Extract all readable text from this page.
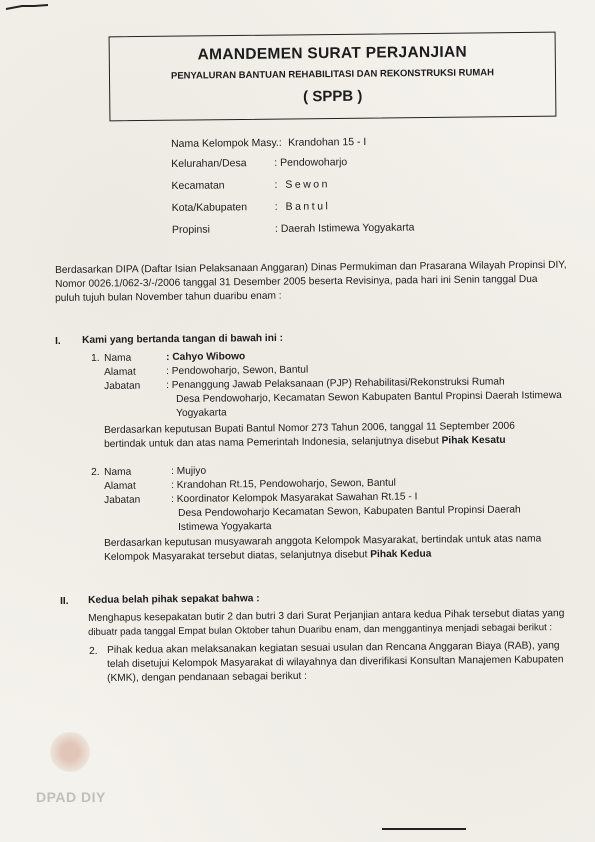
AMANDEMEN SURAT PERJANJIAN
PENYALURAN BANTUAN REHABILITASI DAN REKONSTRUKSI RUMAH
( SPPB )
Nama Kelompok Masy.: Krandohan 15 - I
Kelurahan/Desa	: Pendowoharjo
Kecamatan	: Sewon
Kota/Kabupaten	: Bantul
Propinsi	: Daerah Istimewa Yogyakarta
Berdasarkan DIPA (Daftar Isian Pelaksanaan Anggaran) Dinas Permukiman dan Prasarana Wilayah Propinsi DIY,
Nomor 0026.1/062-3/-/2006 tanggal 31 Desember 2005 beserta Revisinya, pada hari ini Senin tanggal Dua
puluh tujuh bulan November tahun duaribu enam :
I. Kami yang bertanda tangan di bawah ini :
1. Nama	: Cahyo Wibowo
Alamat	: Pendowoharjo, Sewon, Bantul
Jabatan	: Penanggung Jawab Pelaksanaan (PJP) Rehabilitasi/Rekonstruksi Rumah
Desa Pendowoharjo, Kecamatan Sewon Kabupaten Bantul Propinsi Daerah Istimewa
Yogyakarta
Berdasarkan keputusan Bupati Bantul Nomor 273 Tahun 2006, tanggal 11 September 2006
bertindak untuk dan atas nama Pemerintah Indonesia, selanjutnya disebut Pihak Kesatu
2. Nama	: Mujiyo
Alamat	: Krandohan Rt.15, Pendowoharjo, Sewon, Bantul
Jabatan	: Koordinator Kelompok Masyarakat Sawahan Rt.15 - I
Desa Pendowoharjo Kecamatan Sewon, Kabupaten Bantul Propinsi Daerah
Istimewa Yogyakarta
Berdasarkan keputusan musyawarah anggota Kelompok Masyarakat, bertindak untuk atas nama
Kelompok Masyarakat tersebut diatas, selanjutnya disebut Pihak Kedua
II. Kedua belah pihak sepakat bahwa :
Menghapus kesepakatan butir 2 dan butri 3 dari Surat Perjanjian antara kedua Pihak tersebut diatas yang
dibuatr pada tanggal Empat bulan Oktober tahun Duaribu enam, dan menggantinya menjadi sebagai berikut :
2. Pihak kedua akan melaksanakan kegiatan sesuai usulan dan Rencana Anggaran Biaya (RAB), yang
telah disetujui Kelompok Masyarakat di wilayahnya dan diverifikasi Konsultan Manajemen Kabupaten
(KMK), dengan pendanaan sebagai berikut :
DPAD DIY
